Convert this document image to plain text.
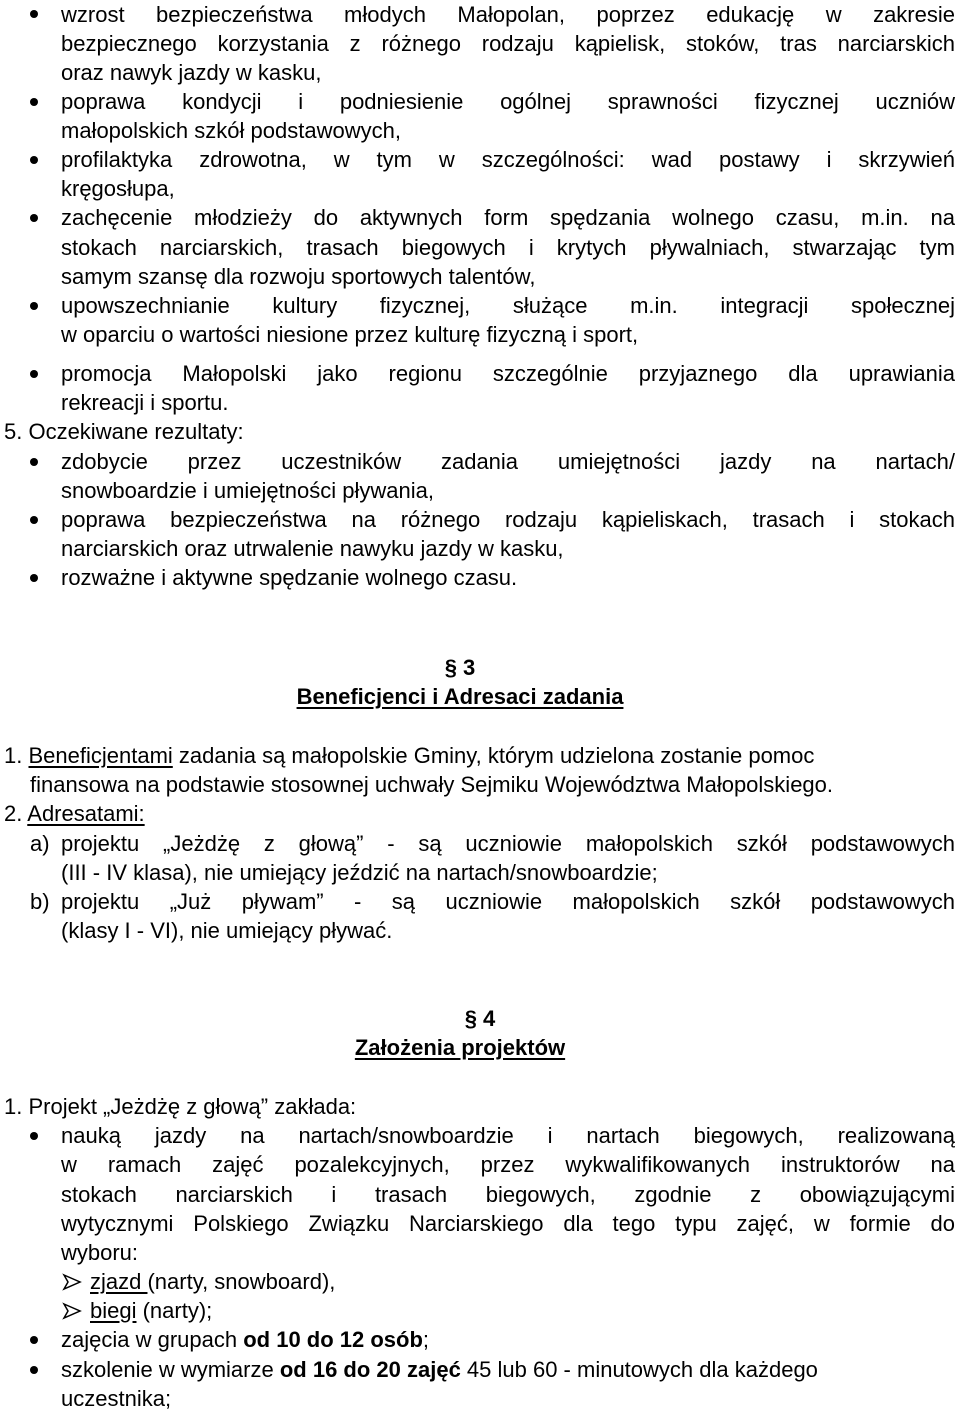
wzrost bezpieczeństwa młodych Małopolan, poprzez edukację w zakresie
bezpiecznego korzystania z różnego rodzaju kąpielisk, stoków, tras narciarskich
oraz nawyk jazdy w kasku,
poprawa kondycji i podniesienie ogólnej sprawności fizycznej uczniów
małopolskich szkół podstawowych,
profilaktyka zdrowotna, w tym w szczególności: wad postawy i skrzywień
kręgosłupa,
zachęcenie młodzieży do aktywnych form spędzania wolnego czasu, m.in. na
stokach narciarskich, trasach biegowych i krytych pływalniach, stwarzając tym
samym szansę dla rozwoju sportowych talentów,
upowszechnianie kultury fizycznej, służące m.in. integracji społecznej
w oparciu o wartości niesione przez kulturę fizyczną i sport,
promocja Małopolski jako regionu szczególnie przyjaznego dla uprawiania
rekreacji i sportu.
5. Oczekiwane rezultaty:
zdobycie przez uczestników zadania umiejętności jazdy na nartach/
snowboardzie i umiejętności pływania,
poprawa bezpieczeństwa na różnego rodzaju kąpieliskach, trasach i stokach
narciarskich oraz utrwalenie nawyku jazdy w kasku,
rozważne i aktywne spędzanie wolnego czasu.
§ 3
Beneficjenci i Adresaci zadania
1. Beneficjentami zadania są małopolskie Gminy, którym udzielona zostanie pomoc
finansowa na podstawie stosownej uchwały Sejmiku Województwa Małopolskiego.
2. Adresatami:
a) projektu „Jeżdżę z głową” - są uczniowie małopolskich szkół podstawowych
(III - IV klasa), nie umiejący jeździć na nartach/snowboardzie;
b) projektu „Już pływam” - są uczniowie małopolskich szkół podstawowych
(klasy I - VI), nie umiejący pływać.
§ 4
Założenia projektów
1. Projekt „Jeżdżę z głową” zakłada:
nauką jazdy na nartach/snowboardzie i nartach biegowych, realizowaną
w ramach zajęć pozalekcyjnych, przez wykwalifikowanych instruktorów na
stokach narciarskich i trasach biegowych, zgodnie z obowiązującymi
wytycznymi Polskiego Związku Narciarskiego dla tego typu zajęć, w formie do
wyboru:
zjazd (narty, snowboard),
biegi (narty);
zajęcia w grupach od 10 do 12 osób;
szkolenie w wymiarze od 16 do 20 zajęć 45 lub 60 - minutowych dla każdego
uczestnika;
